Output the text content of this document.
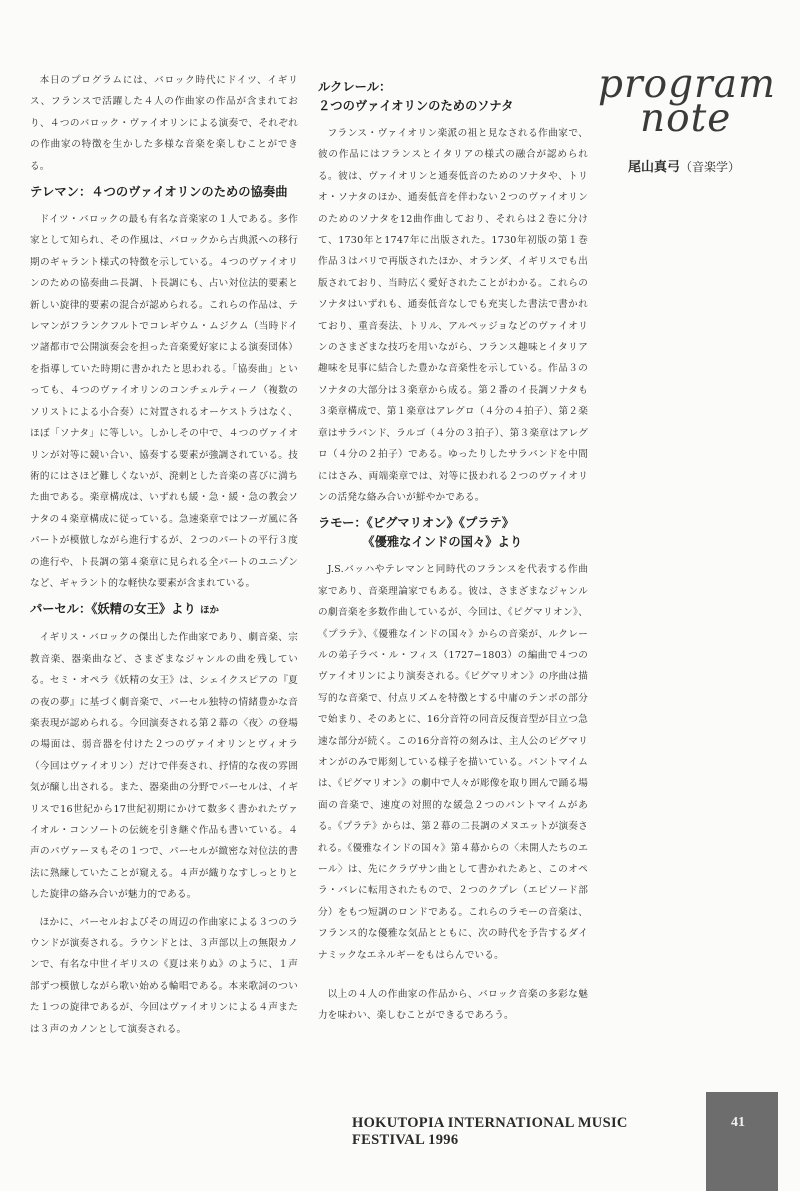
program
note
尾山真弓（音楽学）

本日のプログラムには、バロック時代にドイツ、イギリス、フランスで活躍した４人の作曲家の作品が含まれており、４つのバロック・ヴァイオリンによる演奏で、それぞれの作曲家の特徴を生かした多様な音楽を楽しむことができる。

テレマン：４つのヴァイオリンのための協奏曲

ドイツ・バロックの最も有名な音楽家の１人である。多作家として知られ、その作風は、バロックから古典派への移行期のギャラント様式の特徴を示している。４つのヴァイオリンのための協奏曲ニ長調、ト長調にも、占い対位法的要素と新しい旋律的要素の混合が認められる。これらの作品は、テレマンがフランクフルトでコレギウム・ムジクム（当時ドイツ諸都市で公開演奏会を担った音楽愛好家による演奏団体）を指導していた時期に書かれたと思われる。「協奏曲」といっても、４つのヴァイオリンのコンチェルティーノ（複数のソリストによる小合奏）に対置されるオーケストラはなく、ほぼ「ソナタ」に等しい。しかしその中で、４つのヴァイオリンが対等に競い合い、協奏する要素が強調されている。技術的にはさほど難しくないが、溌剌とした音楽の喜びに満ちた曲である。楽章構成は、いずれも緩・急・緩・急の教会ソナタの４楽章構成に従っている。急速楽章ではフーガ風に各パートが模倣しながら進行するが、２つのパートの平行３度の進行や、ト長調の第４楽章に見られる全パートのユニゾンなど、ギャラント的な軽快な要素が含まれている。

パーセル：《妖精の女王》より ほか

イギリス・バロックの傑出した作曲家であり、劇音楽、宗教音楽、器楽曲など、さまざまなジャンルの曲を残している。セミ・オペラ《妖精の女王》は、シェイクスピアの『夏の夜の夢』に基づく劇音楽で、パーセル独特の情緒豊かな音楽表現が認められる。今回演奏される第２幕の〈夜〉の登場の場面は、弱音器を付けた２つのヴァイオリンとヴィオラ（今回はヴァイオリン）だけで伴奏され、抒情的な夜の雰囲気が醸し出される。また、器楽曲の分野でパーセルは、イギリスで16世紀から17世紀初期にかけて数多く書かれたヴァイオル・コンソートの伝統を引き継ぐ作品も書いている。４声のパヴァーヌもその１つで、パーセルが緻密な対位法的書法に熟練していたことが窺える。４声が織りなすしっとりとした旋律の絡み合いが魅力的である。

ほかに、パーセルおよびその周辺の作曲家による３つのラウンドが演奏される。ラウンドとは、３声部以上の無限カノンで、有名な中世イギリスの《夏は来りぬ》のように、１声部ずつ模倣しながら歌い始める輪唱である。本来歌詞のついた１つの旋律であるが、今回はヴァイオリンによる４声または３声のカノンとして演奏される。

ルクレール：
２つのヴァイオリンのためのソナタ

フランス・ヴァイオリン楽派の祖と見なされる作曲家で、彼の作品にはフランスとイタリアの様式の融合が認められる。彼は、ヴァイオリンと通奏低音のためのソナタや、トリオ・ソナタのほか、通奏低音を伴わない２つのヴァイオリンのためのソナタを12曲作曲しており、それらは２巻に分けて、1730年と1747年に出版された。1730年初版の第１巻作品３はパリで再版されたほか、オランダ、イギリスでも出版されており、当時広く愛好されたことがわかる。これらのソナタはいずれも、通奏低音なしでも充実した書法で書かれており、重音奏法、トリル、アルペッジョなどのヴァイオリンのさまざまな技巧を用いながら、フランス趣味とイタリア趣味を見事に結合した豊かな音楽性を示している。作品３のソナタの大部分は３楽章から成る。第２番のイ長調ソナタも３楽章構成で、第１楽章はアレグロ（４分の４拍子）、第２楽章はサラバンド、ラルゴ（４分の３拍子）、第３楽章はアレグロ（４分の２拍子）である。ゆったりしたサラバンドを中間にはさみ、両端楽章では、対等に扱われる２つのヴァイオリンの活発な絡み合いが鮮やかである。

ラモー：《ピグマリオン》《プラテ》
《優雅なインドの国々》より

J.S.バッハやテレマンと同時代のフランスを代表する作曲家であり、音楽理論家でもある。彼は、さまざまなジャンルの劇音楽を多数作曲しているが、今回は、《ピグマリオン》、《プラテ》、《優雅なインドの国々》からの音楽が、ルクレールの弟子ラベ・ル・フィス（1727−1803）の編曲で４つのヴァイオリンにより演奏される。《ピグマリオン》の序曲は描写的な音楽で、付点リズムを特徴とする中庸のテンポの部分で始まり、そのあとに、16分音符の同音反復音型が目立つ急速な部分が続く。この16分音符の刻みは、主人公のピグマリオンがのみで彫刻している様子を描いている。パントマイムは、《ピグマリオン》の劇中で人々が彫像を取り囲んで踊る場面の音楽で、速度の対照的な緩急２つのパントマイムがある。《プラテ》からは、第２幕の二長調のメヌエットが演奏される。《優雅なインドの国々》第４幕からの〈未開人たちのエール〉は、先にクラヴサン曲として書かれたあと、このオペラ・バレに転用されたもので、２つのクプレ（エピソード部分）をもつ短調のロンドである。これらのラモーの音楽は、フランス的な優雅な気品とともに、次の時代を予告するダイナミックなエネルギーをもはらんでいる。

以上の４人の作曲家の作品から、バロック音楽の多彩な魅力を味わい、楽しむことができるであろう。

HOKUTOPIA INTERNATIONAL MUSIC FESTIVAL 1996
41
